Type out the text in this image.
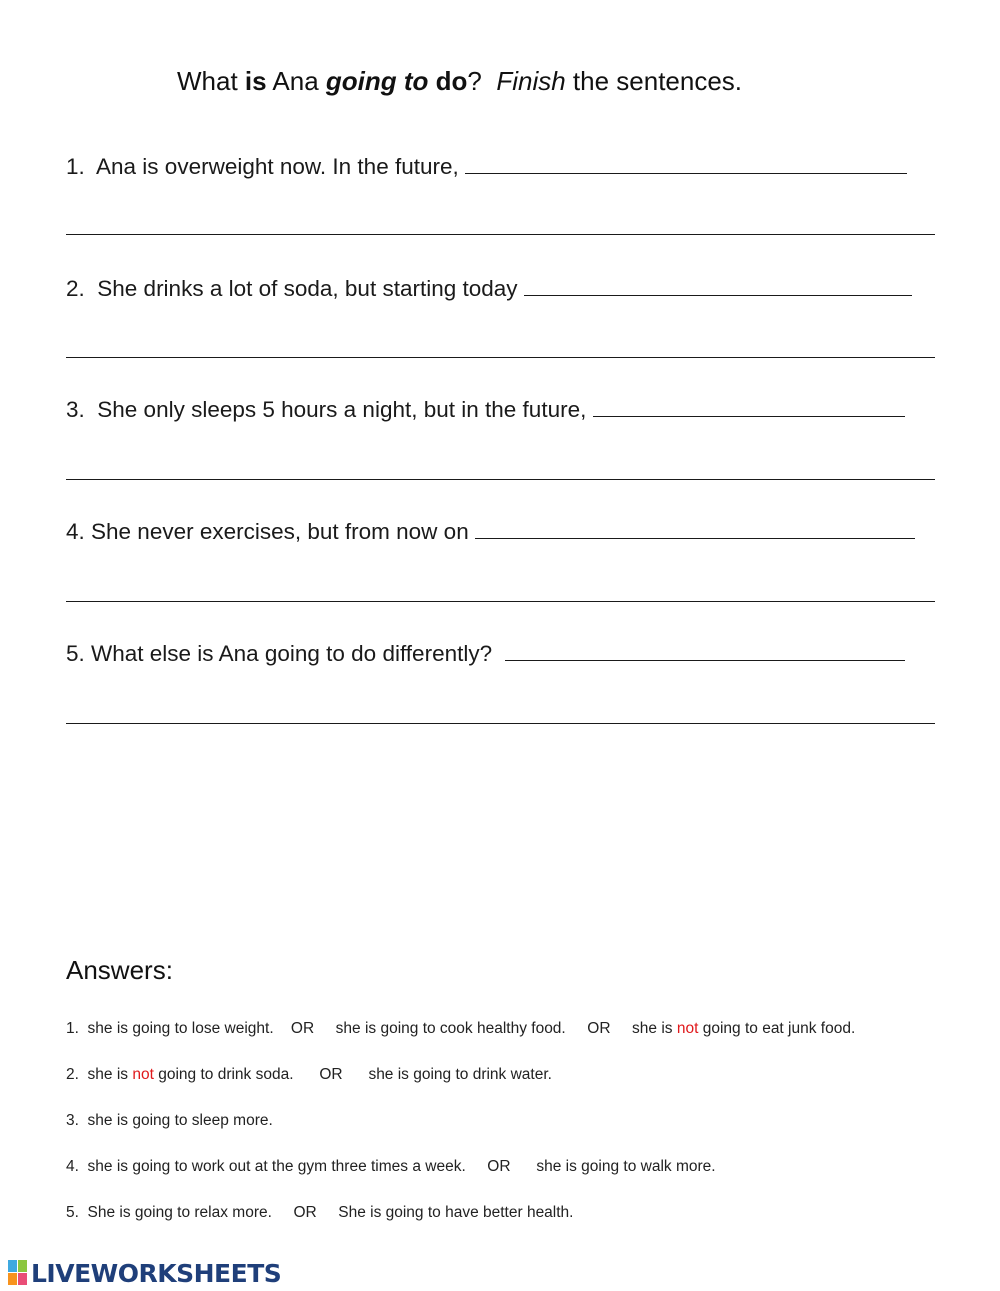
What is Ana going to do?  Finish the sentences.
1.  Ana is overweight now. In the future,
2.  She drinks a lot of soda, but starting today
3.  She only sleeps 5 hours a night, but in the future,
4. She never exercises, but from now on
5. What else is Ana going to do differently?
Answers:
1.  she is going to lose weight.    OR     she is going to cook healthy food.     OR     she is not going to eat junk food.
2.  she is not going to drink soda.      OR      she is going to drink water.
3.  she is going to sleep more.
4.  she is going to work out at the gym three times a week.     OR      she is going to walk more.
5.  She is going to relax more.     OR     She is going to have better health.
LIVEWORKSHEETS
